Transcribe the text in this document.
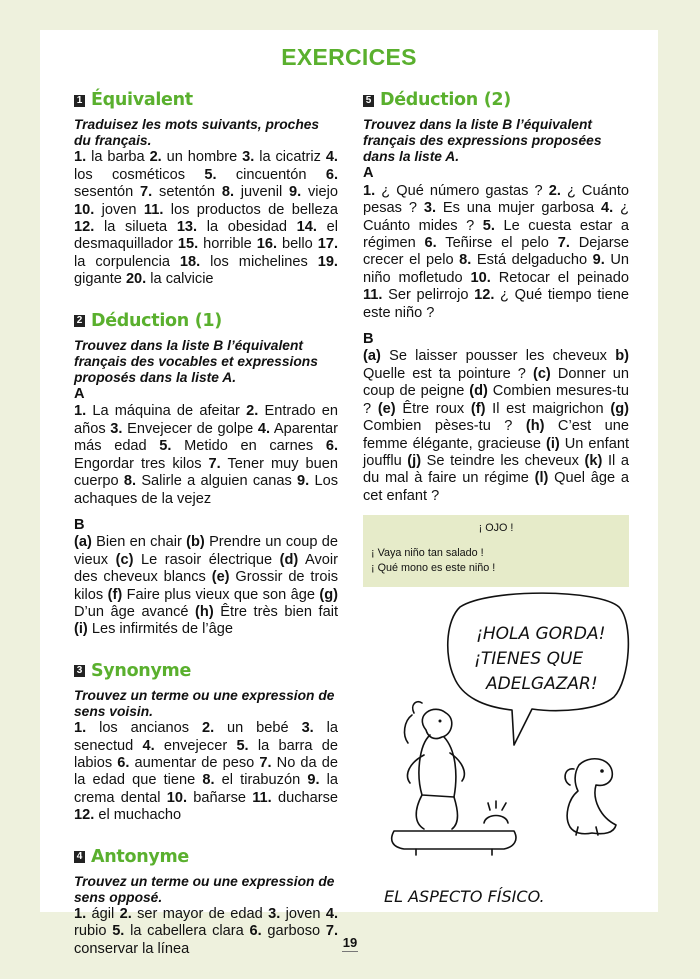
EXERCICES
1 Équivalent

Traduisez les mots suivants, proches du français.

1. la barba 2. un hombre 3. la cicatriz 4. los cosméticos 5. cincuentón 6. sesentón 7. setentón 8. juvenil 9. viejo 10. joven 11. los productos de belleza 12. la silueta 13. la obesidad 14. el desmaquillador 15. horrible 16. bello 17. la corpulencia 18. los michelines 19. gigante 20. la calvicie

2 Déduction (1)

Trouvez dans la liste B l’équivalent français des vocables et expressions proposés dans la liste A.

A

1. La máquina de afeitar 2. Entrado en años 3. Envejecer de golpe 4. Aparentar más edad 5. Metido en carnes 6. Engordar tres kilos 7. Tener muy buen cuerpo 8. Salirle a alguien canas 9. Los achaques de la vejez

B

(a) Bien en chair (b) Prendre un coup de vieux (c) Le rasoir électrique (d) Avoir des cheveux blancs (e) Grossir de trois kilos (f) Faire plus vieux que son âge (g) D’un âge avancé (h) Être très bien fait (i) Les infirmités de l’âge

3 Synonyme

Trouvez un terme ou une expression de sens voisin.

1. los ancianos 2. un bebé 3. la senectud 4. envejecer 5. la barra de labios 6. aumentar de peso 7. No da de la edad que tiene 8. el tirabuzón 9. la crema dental 10. bañarse 11. ducharse 12. el muchacho

4 Antonyme

Trouvez un terme ou une expression de sens opposé.

1. ágil 2. ser mayor de edad 3. joven 4. rubio 5. la cabellera clara 6. garboso 7. conservar la línea

5 Déduction (2)

Trouvez dans la liste B l’équivalent français des expressions proposées dans la liste A.

A

1. ¿ Qué número gastas ? 2. ¿ Cuánto pesas ? 3. Es una mujer garbosa 4. ¿ Cuánto mides ? 5. Le cuesta estar a régimen 6. Teñirse el pelo 7. Dejarse crecer el pelo 8. Está delgaducho 9. Un niño mofletudo 10. Retocar el peinado 11. Ser pelirrojo 12. ¿ Qué tiempo tiene este niño ?

B

(a) Se laisser pousser les cheveux b) Quelle est ta pointure ? (c) Donner un coup de peigne (d) Combien mesures-tu ? (e) Être roux (f) Il est maigrichon (g) Combien pèses-tu ? (h) C’est une femme élégante, gracieuse (i) Un enfant joufflu (j) Se teindre les cheveux (k) Il a du mal à faire un régime (l) Quel âge a cet enfant ?

¡ OJO !
¡ Vaya niño tan salado !
¡ Qué mono es este niño !
¡HOLA GORDA!
¡TIENES QUE
ADELGAZAR!
EL ASPECTO FÍSICO.
19
